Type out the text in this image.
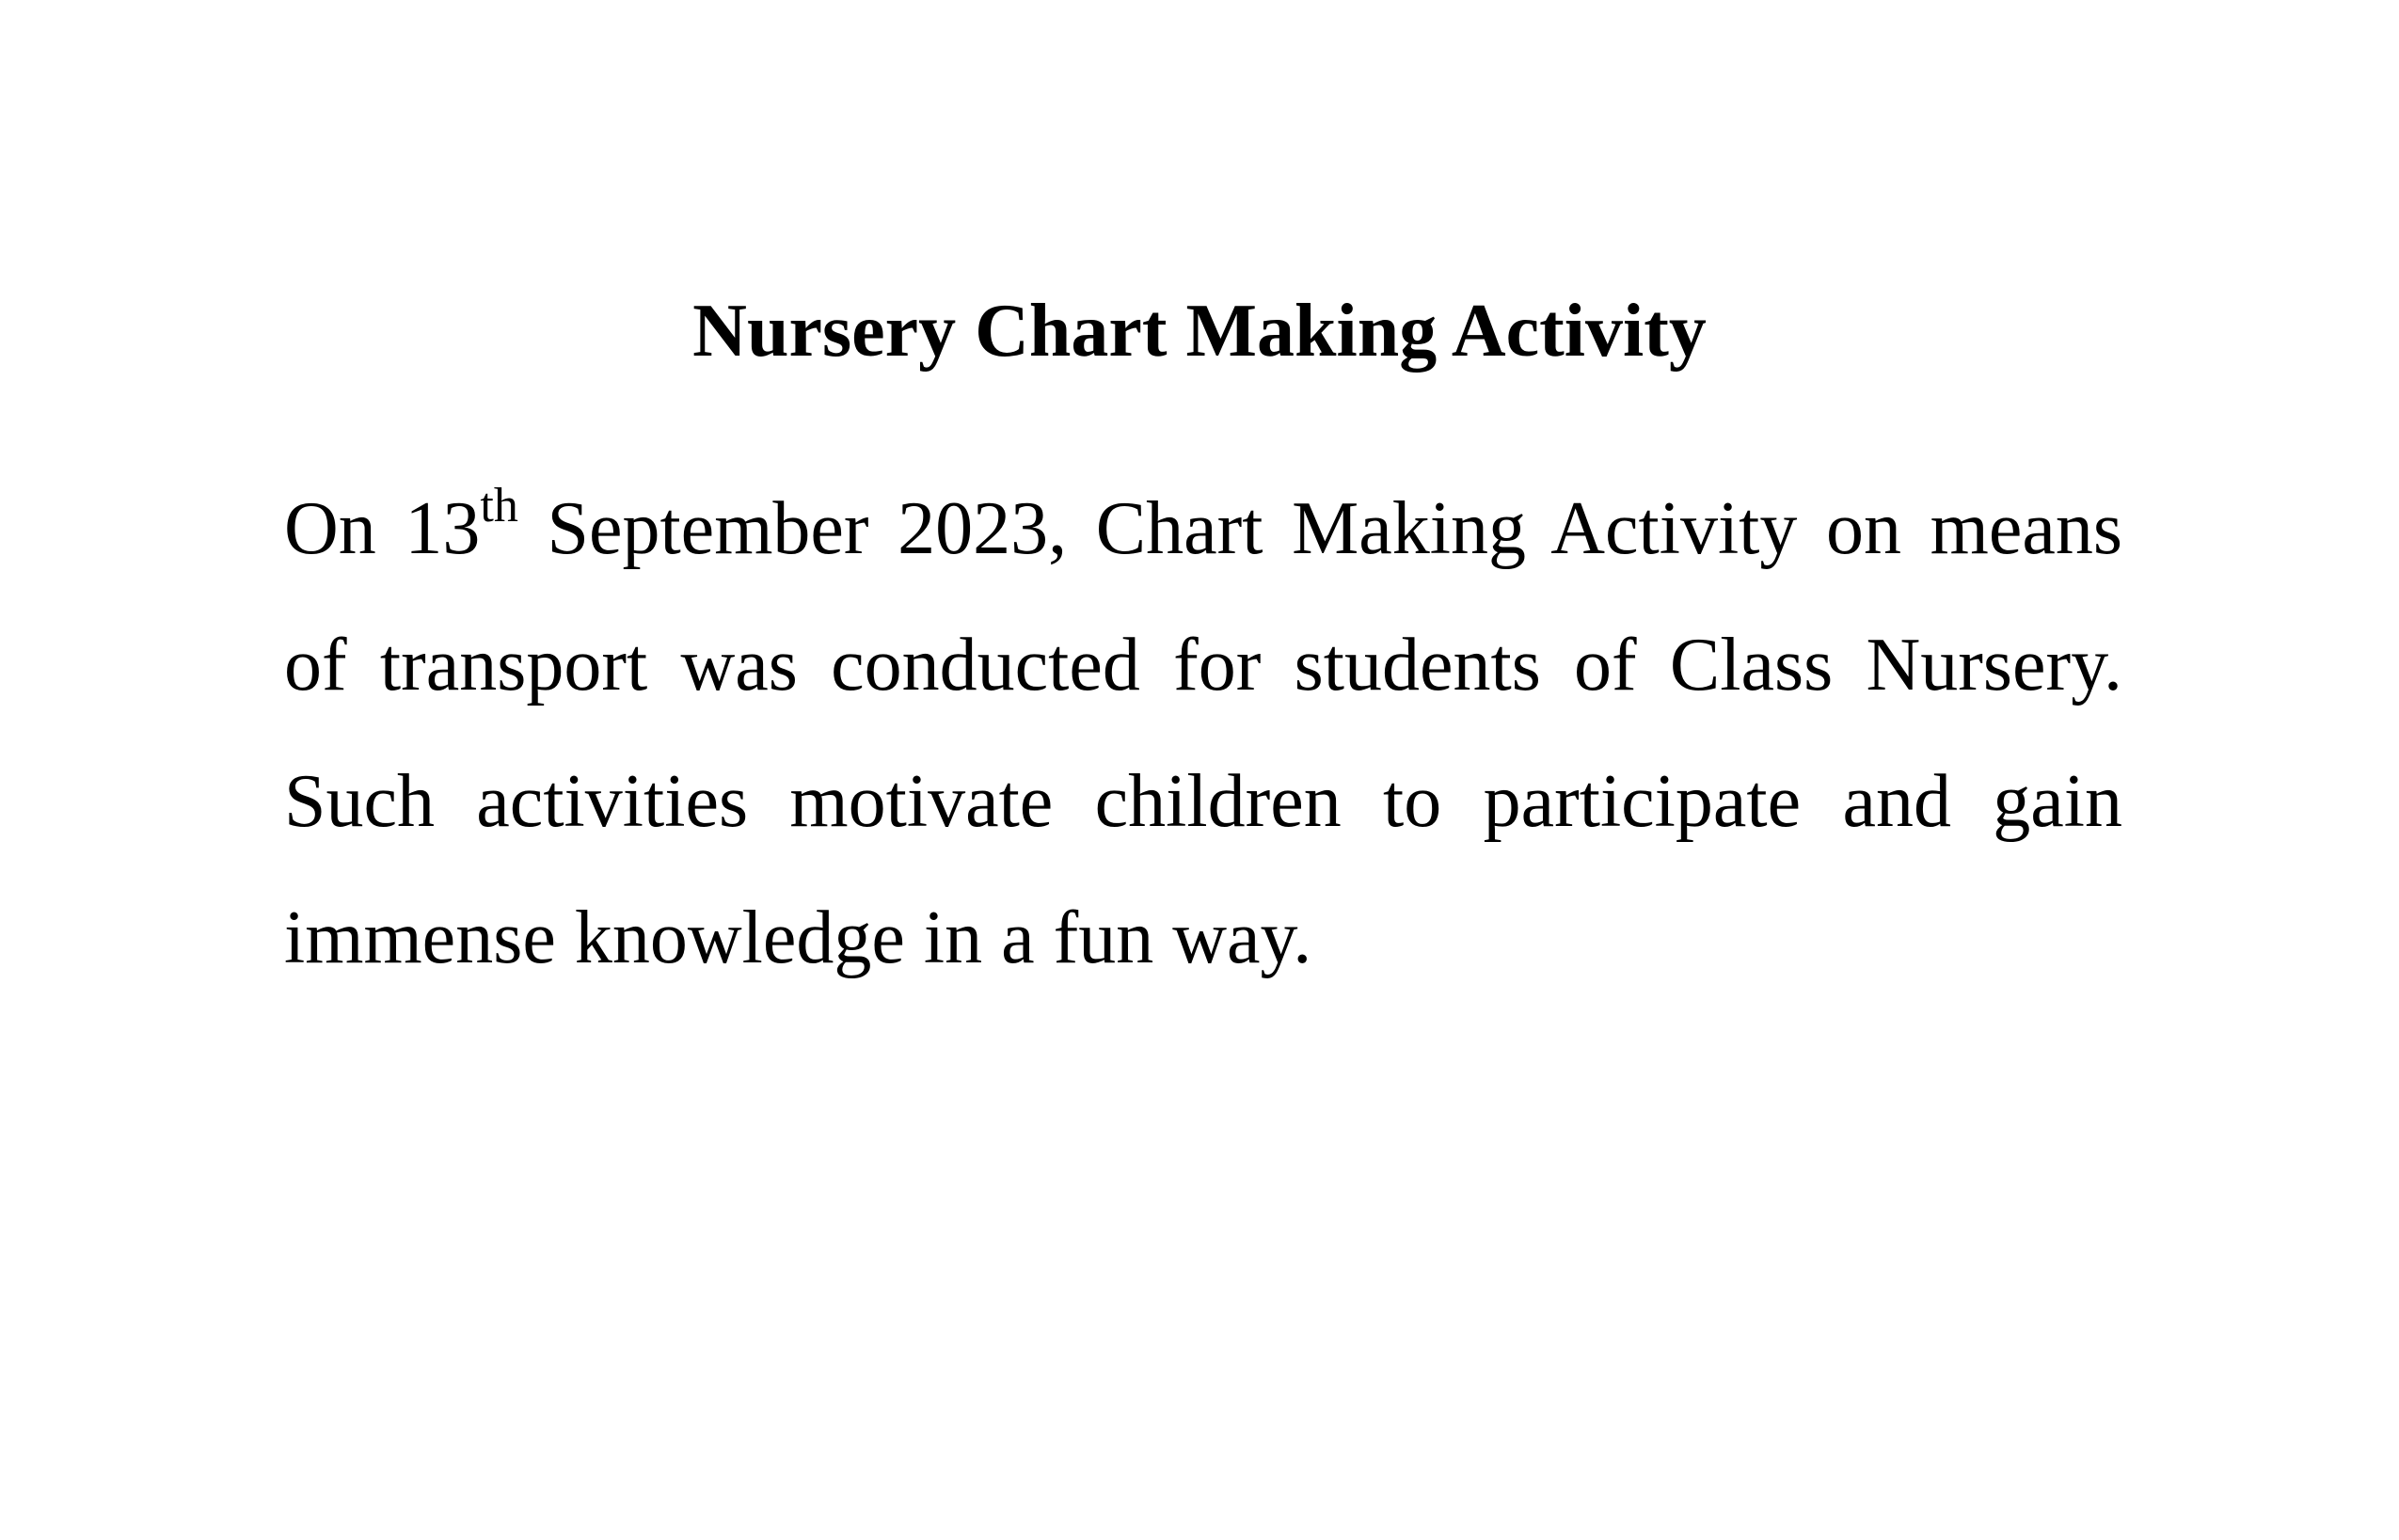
Nursery Chart Making Activity

On 13th September 2023, Chart Making Activity on means of transport was conducted for students of Class Nursery. Such activities motivate children to participate and gain immense knowledge in a fun way.
